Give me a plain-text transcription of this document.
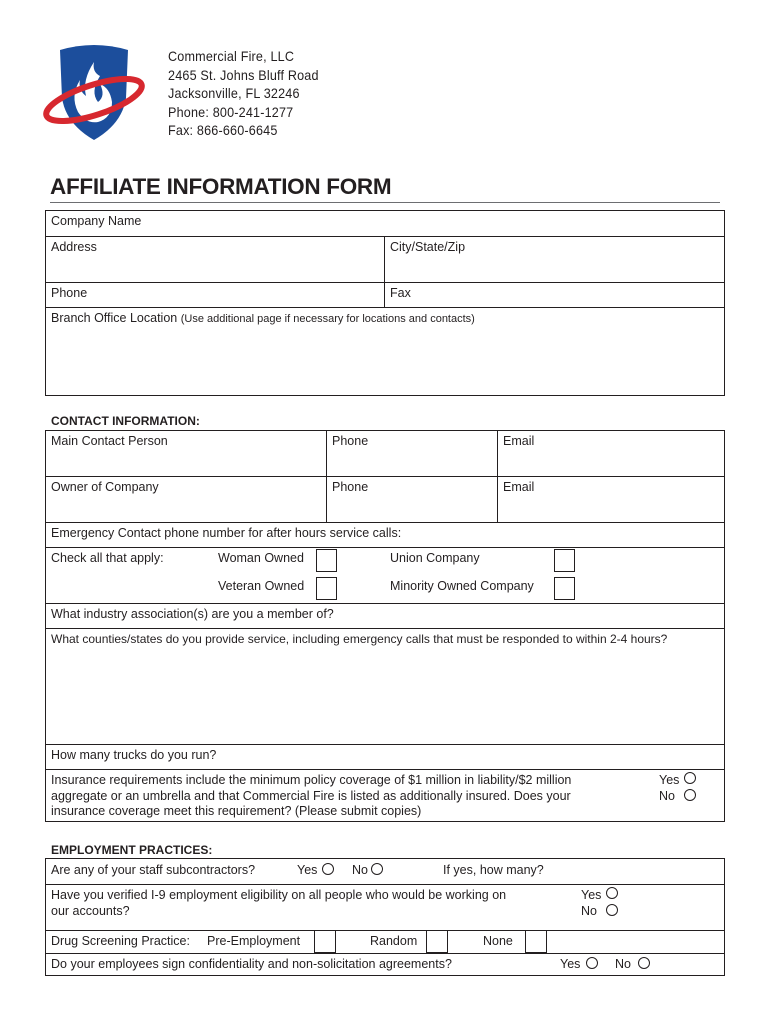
Commercial Fire, LLC
2465 St. Johns Bluff Road
Jacksonville, FL 32246
Phone: 800-241-1277
Fax: 866-660-6645
AFFILIATE INFORMATION FORM
Company Name
Address	City/State/Zip
Phone	Fax
Branch Office Location (Use additional page if necessary for locations and contacts)
CONTACT INFORMATION:
Main Contact Person	Phone	Email
Owner of Company	Phone	Email
Emergency Contact phone number for after hours service calls:
Check all that apply:	Woman Owned	Union Company
Veteran Owned	Minority Owned Company
What industry association(s) are you a member of?
What counties/states do you provide service, including emergency calls that must be responded to within 2-4 hours?
How many trucks do you run?
Insurance requirements include the minimum policy coverage of $1 million in liability/$2 million
aggregate or an umbrella and that Commercial Fire is listed as additionally insured. Does your
insurance coverage meet this requirement? (Please submit copies)
Yes
No
EMPLOYMENT PRACTICES:
Are any of your staff subcontractors?	Yes	No	If yes, how many?
Have you verified I-9 employment eligibility on all people who would be working on
our accounts?
Yes
No
Drug Screening Practice: Pre-Employment	Random	None
Do your employees sign confidentiality and non-solicitation agreements?	Yes	No
